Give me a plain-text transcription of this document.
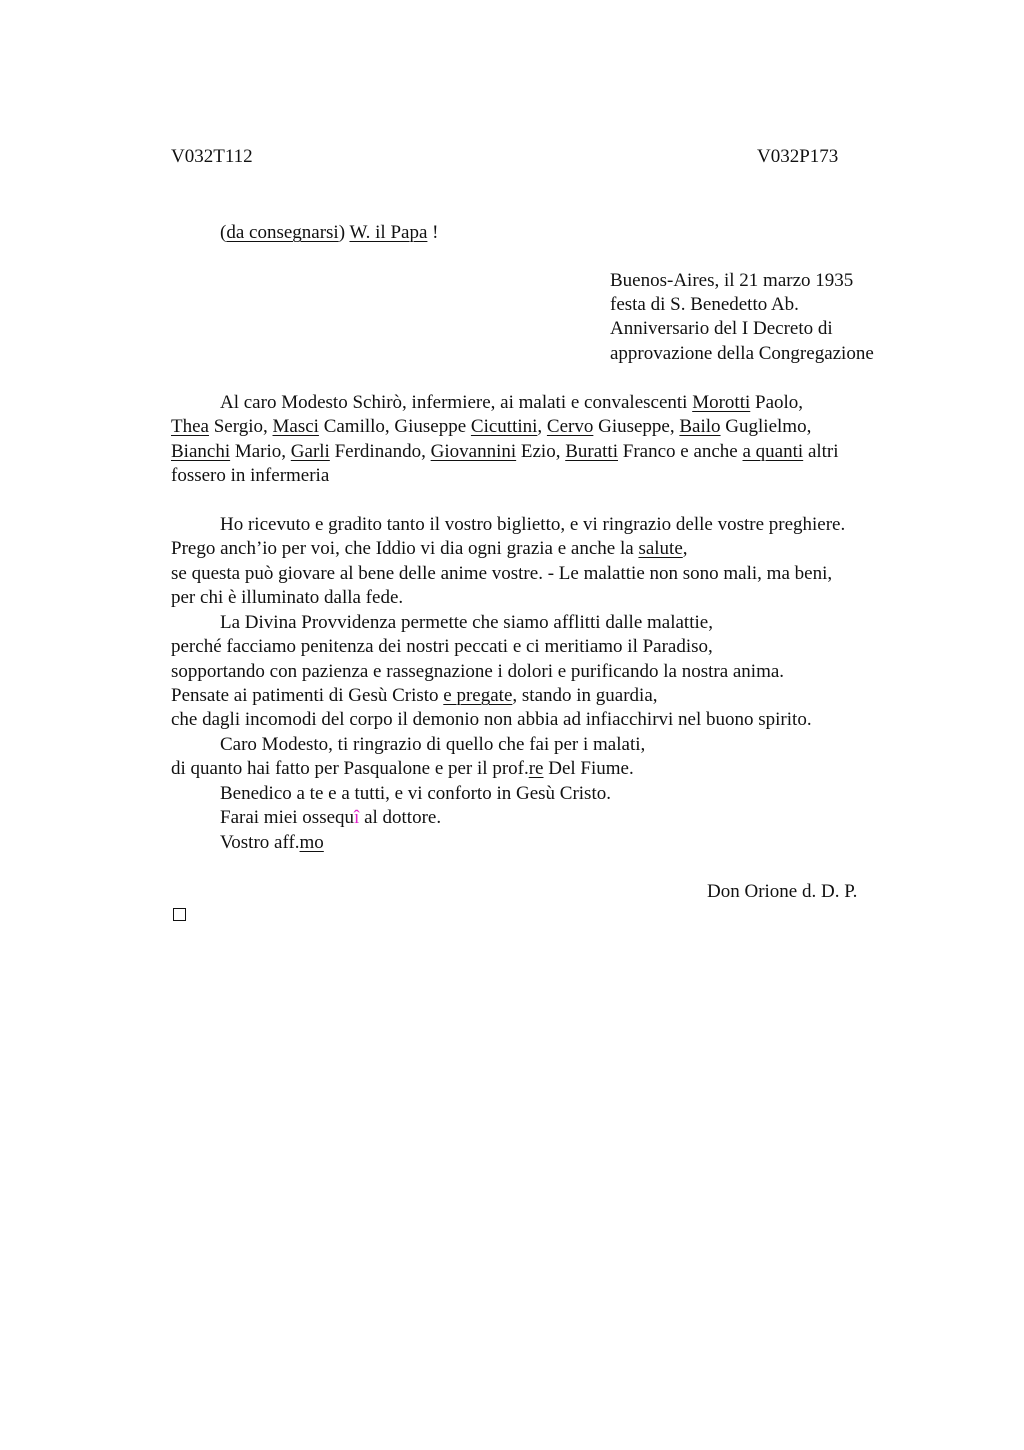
V032T112	V032P173
(da consegnarsi) W. il Papa !
Buenos-Aires, il 21 marzo 1935
festa di S. Benedetto Ab.
Anniversario del I Decreto di
approvazione della Congregazione
Al caro Modesto Schirò, infermiere, ai malati e convalescenti Morotti Paolo,
Thea Sergio, Masci Camillo, Giuseppe Cicuttini, Cervo Giuseppe, Bailo Guglielmo,
Bianchi Mario, Garli Ferdinando, Giovannini Ezio, Buratti Franco e anche a quanti altri
fossero in infermeria
Ho ricevuto e gradito tanto il vostro biglietto, e vi ringrazio delle vostre preghiere.
Prego anch’io per voi, che Iddio vi dia ogni grazia e anche la salute,
se questa può giovare al bene delle anime vostre. - Le malattie non sono mali, ma beni,
per chi è illuminato dalla fede.
La Divina Provvidenza permette che siamo afflitti dalle malattie,
perché facciamo penitenza dei nostri peccati e ci meritiamo il Paradiso,
sopportando con pazienza e rassegnazione i dolori e purificando la nostra anima.
Pensate ai patimenti di Gesù Cristo e pregate, stando in guardia,
che dagli incomodi del corpo il demonio non abbia ad infiacchirvi nel buono spirito.
Caro Modesto, ti ringrazio di quello che fai per i malati,
di quanto hai fatto per Pasqualone e per il prof.re Del Fiume.
Benedico a te e a tutti, e vi conforto in Gesù Cristo.
Farai miei ossequî al dottore.
Vostro aff.mo
Don Orione d. D. P.
